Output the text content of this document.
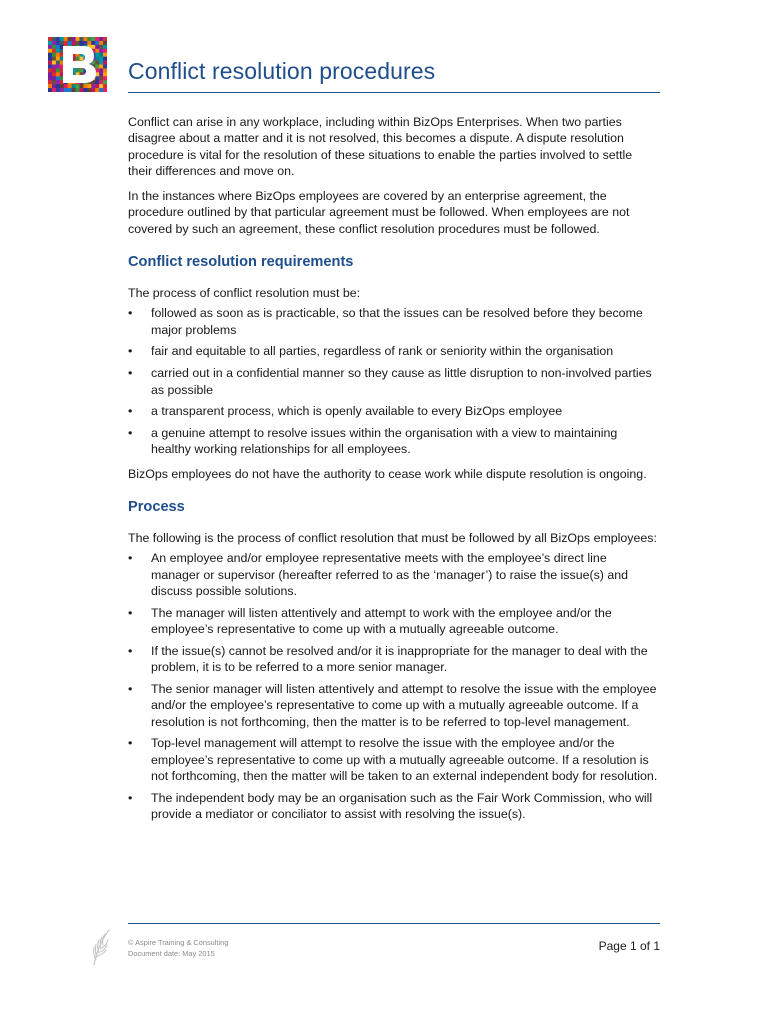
Conflict resolution procedures

Conflict can arise in any workplace, including within BizOps Enterprises. When two parties disagree about a matter and it is not resolved, this becomes a dispute. A dispute resolution procedure is vital for the resolution of these situations to enable the parties involved to settle their differences and move on.

In the instances where BizOps employees are covered by an enterprise agreement, the procedure outlined by that particular agreement must be followed. When employees are not covered by such an agreement, these conflict resolution procedures must be followed.

Conflict resolution requirements

The process of conflict resolution must be:

• followed as soon as is practicable, so that the issues can be resolved before they become major problems
• fair and equitable to all parties, regardless of rank or seniority within the organisation
• carried out in a confidential manner so they cause as little disruption to non-involved parties as possible
• a transparent process, which is openly available to every BizOps employee
• a genuine attempt to resolve issues within the organisation with a view to maintaining healthy working relationships for all employees.

BizOps employees do not have the authority to cease work while dispute resolution is ongoing.

Process

The following is the process of conflict resolution that must be followed by all BizOps employees:

• An employee and/or employee representative meets with the employee’s direct line manager or supervisor (hereafter referred to as the ‘manager’) to raise the issue(s) and discuss possible solutions.
• The manager will listen attentively and attempt to work with the employee and/or the employee’s representative to come up with a mutually agreeable outcome.
• If the issue(s) cannot be resolved and/or it is inappropriate for the manager to deal with the problem, it is to be referred to a more senior manager.
• The senior manager will listen attentively and attempt to resolve the issue with the employee and/or the employee’s representative to come up with a mutually agreeable outcome. If a resolution is not forthcoming, then the matter is to be referred to top-level management.
• Top-level management will attempt to resolve the issue with the employee and/or the employee’s representative to come up with a mutually agreeable outcome. If a resolution is not forthcoming, then the matter will be taken to an external independent body for resolution.
• The independent body may be an organisation such as the Fair Work Commission, who will provide a mediator or conciliator to assist with resolving the issue(s).
© Aspire Training & Consulting
Document date: May 2015
Page 1 of 1
